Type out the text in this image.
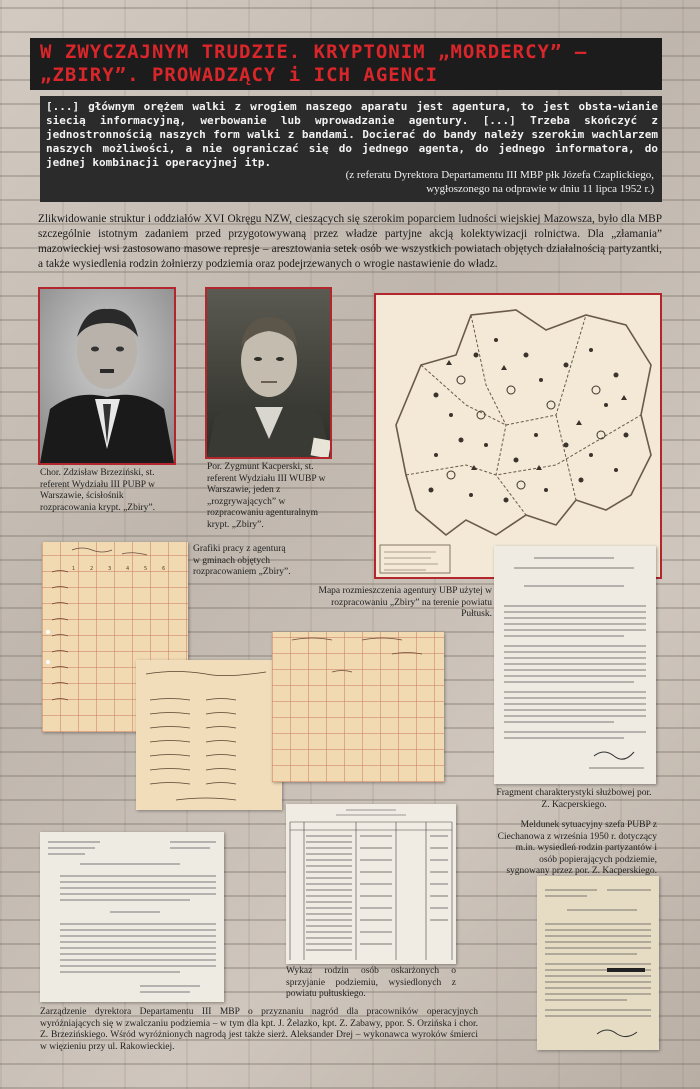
W ZWYCZAJNYM TRUDZIE. KRYPTONIM „MORDERCY” –
„ZBIRY”. PROWADZĄCY i ICH AGENCI
[...] głównym orężem walki z wrogiem naszego aparatu jest agentura, to jest obsta-wianie siecią informacyjną, werbowanie lub wprowadzanie agentury. [...] Trzeba skończyć z jednostronnością naszych form walki z bandami. Docierać do bandy należy szerokim wachlarzem naszych możliwości, a nie ograniczać się do jednego agenta, do jednego informatora, do jednej kombinacji operacyjnej itp.
(z referatu Dyrektora Departamentu III MBP płk Józefa Czaplickiego,
wygłoszonego na odprawie w dniu 11 lipca 1952 r.)
Zlikwidowanie struktur i oddziałów XVI Okręgu NZW, cieszących się szerokim poparciem ludności wiejskiej Mazowsza, było dla MBP szczególnie istotnym zadaniem przed przygotowywaną przez władze partyjne akcją kolektywizacji rolnictwa. Dla „złamania” mazowieckiej wsi zastosowano masowe represje – aresztowania setek osób we wszystkich powiatach objętych działalnością partyzantki, a także wysiedlenia rodzin żołnierzy podziemia oraz podejrzewanych o wrogie nastawienie do władz.
Chor. Zdzisław Brzeziński, st. referent Wydziału III PUBP w Warszawie, ścisłośnik rozpracowania krypt. „Zbiry”.
Por. Zygmunt Kacperski, st. referent Wydziału III WUBP w Warszawie, jeden z „rozgrywających” w rozpracowaniu agenturalnym krypt. „Zbiry”.
Mapa rozmieszczenia agentury UBP użytej w rozpracowaniu „Zbiry” na terenie powiatu Pułtusk.
1	2	3	4	5	6
Grafiki pracy z agenturą w gminach objętych rozpracowaniem „Zbiry”.
Fragment charakterystyki służbowej por. Z. Kacperskiego.
Meldunek sytuacyjny szefa PUBP z Ciechanowa z września 1950 r. dotyczący m.in. wysiedleń rodzin partyzantów i osób popierających podziemie, sygnowany przez por. Z. Kacperskiego.
Wykaz rodzin osób oskarżonych o sprzyjanie podziemiu, wysiedlonych z powiatu pułtuskiego.
Zarządzenie dyrektora Departamentu III MBP o przyznaniu nagród dla pracowników operacyjnych wyróżniających się w zwalczaniu podziemia – w tym dla kpt. J. Żelazko, kpt. Z. Zabawy, ppor. S. Orzińska i chor. Z. Brzezińskiego. Wśród wyróżnionych nagrodą jest także sierż. Aleksander Drej – wykonawca wyroków śmierci w więzieniu przy ul. Rakowieckiej.
